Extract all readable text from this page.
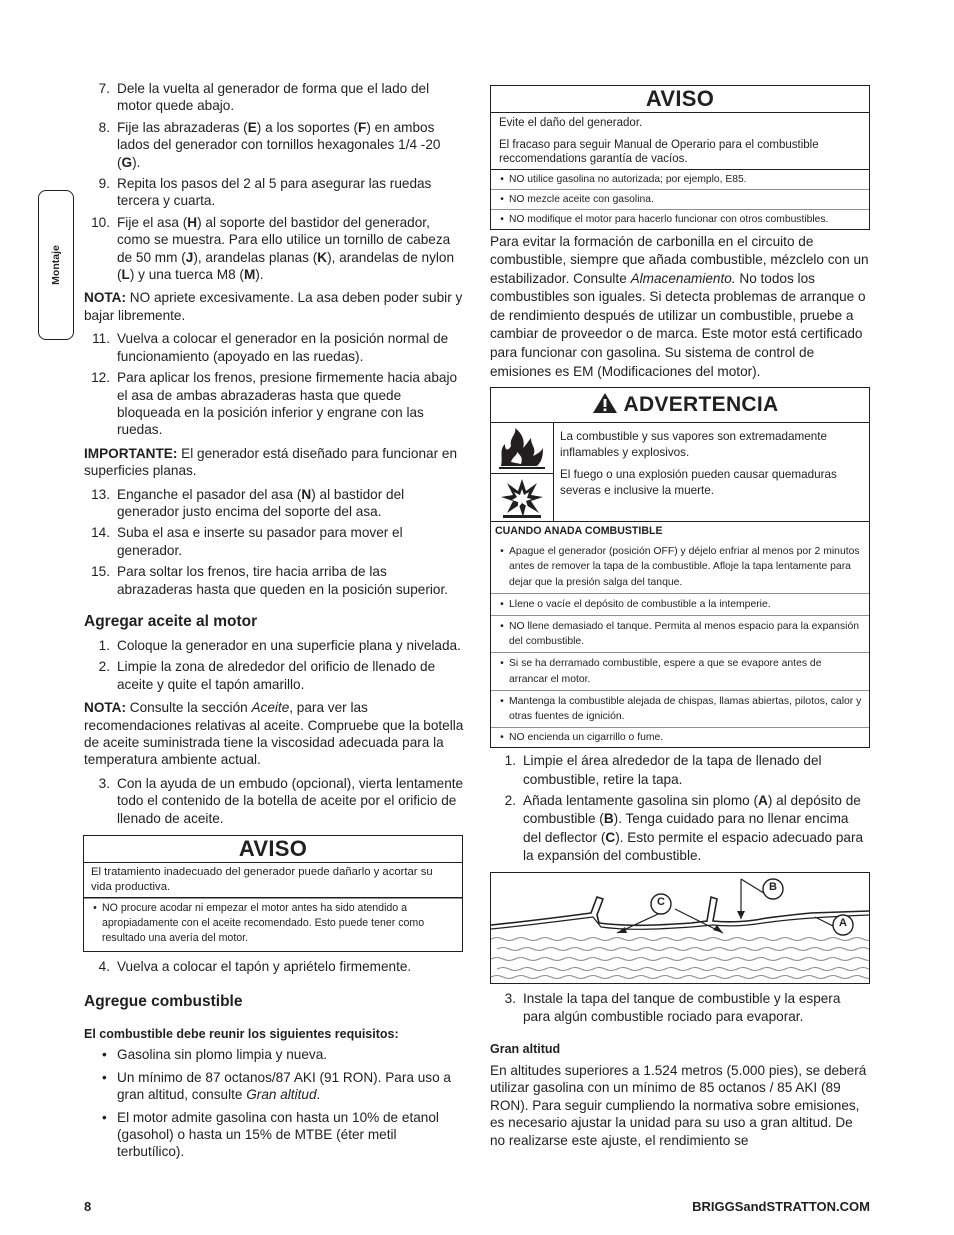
Montaje
7. Dele la vuelta al generador de forma que el lado del motor quede abajo.
8. Fije las abrazaderas (E) a los soportes (F) en ambos lados del generador con tornillos hexagonales 1/4 -20 (G).
9. Repita los pasos del 2 al 5 para asegurar las ruedas tercera y cuarta.
10. Fije el asa (H) al soporte del bastidor del generador, como se muestra. Para ello utilice un tornillo de cabeza de 50 mm (J), arandelas planas (K), arandelas de nylon (L) y una tuerca M8 (M).

NOTA: NO apriete excesivamente. La asa deben poder subir y bajar libremente.

11. Vuelva a colocar el generador en la posición normal de funcionamiento (apoyado en las ruedas).
12. Para aplicar los frenos, presione firmemente hacia abajo el asa de ambas abrazaderas hasta que quede bloqueada en la posición inferior y engrane con las ruedas.

IMPORTANTE: El generador está diseñado para funcionar en superficies planas.

13. Enganche el pasador del asa (N) al bastidor del generador justo encima del soporte del asa.
14. Suba el asa e inserte su pasador para mover el generador.
15. Para soltar los frenos, tire hacia arriba de las abrazaderas hasta que queden en la posición superior.
Agregar aceite al motor
1. Coloque la generador en una superficie plana y nivelada.
2. Limpie la zona de alrededor del orificio de llenado de aceite y quite el tapón amarillo.

NOTA: Consulte la sección Aceite, para ver las recomendaciones relativas al aceite. Compruebe que la botella de aceite suministrada tiene la viscosidad adecuada para la temperatura ambiente actual.

3. Con la ayuda de un embudo (opcional), vierta lentamente todo el contenido de la botella de aceite por el orificio de llenado de aceite.
AVISO
El tratamiento inadecuado del generador puede dañarlo y acortar su vida productiva.
• NO procure acodar ni empezar el motor antes ha sido atendido a apropiadamente con el aceite recomendado. Esto puede tener como resultado una avería del motor.
4. Vuelva a colocar el tapón y apriételo firmemente.
Agregue combustible
El combustible debe reunir los siguientes requisitos:
• Gasolina sin plomo limpia y nueva.
• Un mínimo de 87 octanos/87 AKI (91 RON). Para uso a gran altitud, consulte Gran altitud.
• El motor admite gasolina con hasta un 10% de etanol (gasohol) o hasta un 15% de MTBE (éter metil terbutílico).
AVISO
Evite el daño del generador.
El fracaso para seguir Manual de Operario para el combustible reccomendations garantía de vacíos.
• NO utilice gasolina no autorizada; por ejemplo, E85.
• NO mezcle aceite con gasolina.
• NO modifique el motor para hacerlo funcionar con otros combustibles.

Para evitar la formación de carbonilla en el circuito de combustible, siempre que añada combustible, mézclelo con un estabilizador. Consulte Almacenamiento. No todos los combustibles son iguales. Si detecta problemas de arranque o de rendimiento después de utilizar un combustible, pruebe a cambiar de proveedor o de marca. Este motor está certificado para funcionar con gasolina. Su sistema de control de emisiones es EM (Modificaciones del motor).

ADVERTENCIA
La combustible y sus vapores son extremadamente inflamables y explosivos.
El fuego o una explosión pueden causar quemaduras severas e inclusive la muerte.
CUANDO ANADA COMBUSTIBLE
• Apague el generador (posición OFF) y déjelo enfriar al menos por 2 minutos antes de remover la tapa de la combustible. Afloje la tapa lentamente para dejar que la presión salga del tanque.
• Llene o vacíe el depósito de combustible a la intemperie.
• NO llene demasiado el tanque. Permita al menos espacio para la expansión del combustible.
• Si se ha derramado combustible, espere a que se evapore antes de arrancar el motor.
• Mantenga la combustible alejada de chispas, llamas abiertas, pilotos, calor y otras fuentes de ignición.
• NO encienda un cigarrillo o fume.
1. Limpie el área alrededor de la tapa de llenado del combustible, retire la tapa.
2. Añada lentamente gasolina sin plomo (A) al depósito de combustible (B). Tenga cuidado para no llenar encima del deflector (C). Esto permite el espacio adecuado para la expansión del combustible.
C
B
A
3. Instale la tapa del tanque de combustible y la espera para algún combustible rociado para evaporar.
Gran altitud

En altitudes superiores a 1.524 metros (5.000 pies), se deberá utilizar gasolina con un mínimo de 85 octanos / 85 AKI (89 RON). Para seguir cumpliendo la normativa sobre emisiones, es necesario ajustar la unidad para su uso a gran altitud. De no realizarse este ajuste, el rendimiento se

8	BRIGGSandSTRATTON.COM
